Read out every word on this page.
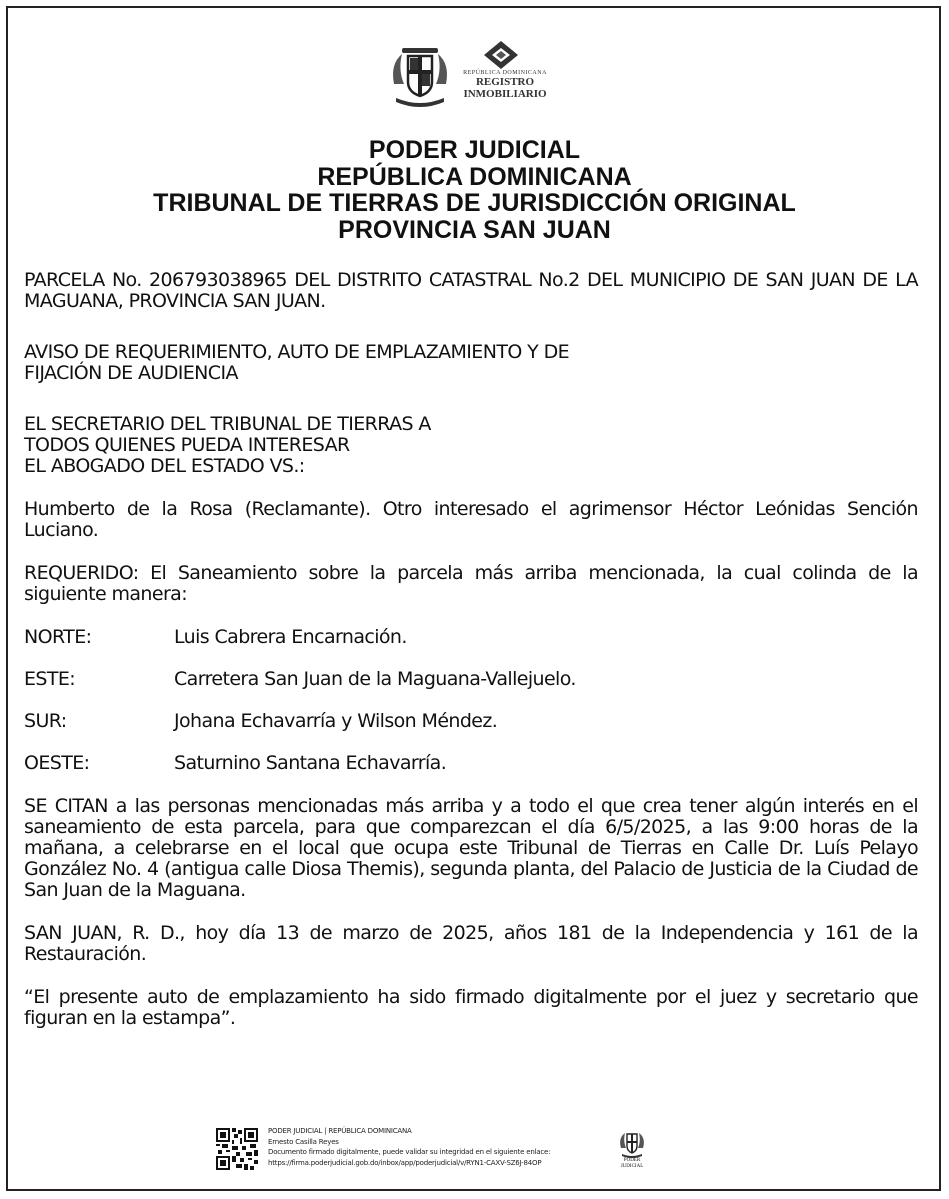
REPÚBLICA DOMINICANA
REGISTRO
INMOBILIARIO
PODER JUDICIAL
REPÚBLICA DOMINICANA
TRIBUNAL DE TIERRAS DE JURISDICCIÓN ORIGINAL
PROVINCIA SAN JUAN

PARCELA No. 206793038965 DEL DISTRITO CATASTRAL No.2 DEL MUNICIPIO DE SAN JUAN DE LA MAGUANA, PROVINCIA SAN JUAN.

AVISO DE REQUERIMIENTO, AUTO DE EMPLAZAMIENTO Y DE

FIJACIÓN DE AUDIENCIA

EL SECRETARIO DEL TRIBUNAL DE TIERRAS A

TODOS QUIENES PUEDA INTERESAR

EL ABOGADO DEL ESTADO VS.:

Humberto de la Rosa (Reclamante). Otro interesado el agrimensor Héctor Leónidas Sención Luciano.

REQUERIDO: El Saneamiento sobre la parcela más arriba mencionada, la cual colinda de la siguiente manera:

NORTE:	Luis Cabrera Encarnación.
ESTE:	Carretera San Juan de la Maguana-Vallejuelo.
SUR:	Johana Echavarría y Wilson Méndez.
OESTE:	Saturnino Santana Echavarría.

SE CITAN a las personas mencionadas más arriba y a todo el que crea tener algún interés en el saneamiento de esta parcela, para que comparezcan el día 6/5/2025, a las 9:00 horas de la mañana, a celebrarse en el local que ocupa este Tribunal de Tierras en Calle Dr. Luís Pelayo González No. 4 (antigua calle Diosa Themis), segunda planta, del Palacio de Justicia de la Ciudad de San Juan de la Maguana.

SAN JUAN, R. D., hoy día 13 de marzo de 2025, años 181 de la Independencia y 161 de la Restauración.

“El presente auto de emplazamiento ha sido firmado digitalmente por el juez y secretario que figuran en la estampa”.

PODER JUDICIAL | REPÚBLICA DOMINICANA
Ernesto Casilla Reyes
Documento firmado digitalmente, puede validar su integridad en el siguiente enlace:
https://firma.poderjudicial.gob.do/inbox/app/poderjudicial/v/RYN1-CAXV-SZ6J-84OP	PODER JUDICIAL
